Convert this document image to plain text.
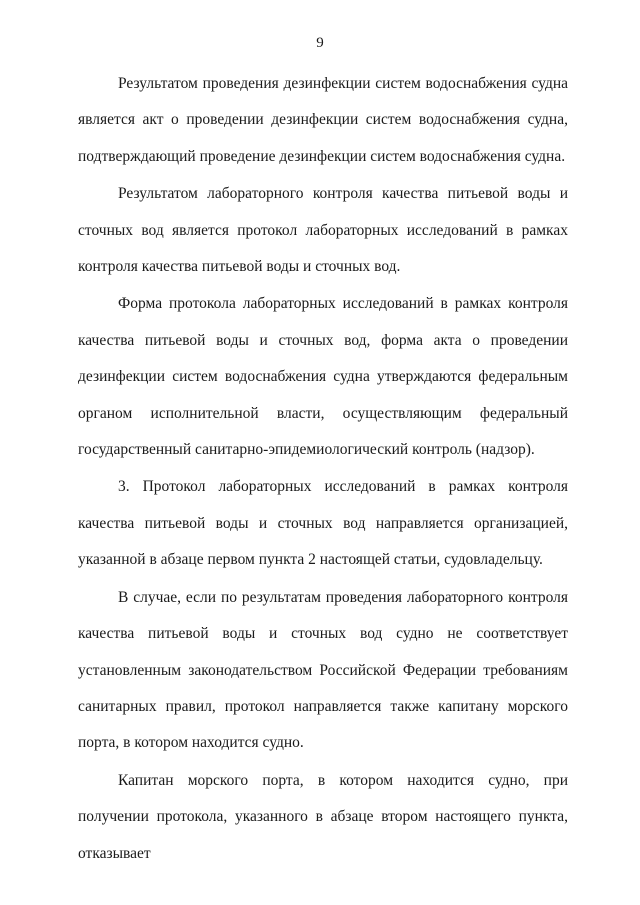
9

Результатом проведения дезинфекции систем водоснабжения судна является акт о проведении дезинфекции систем водоснабжения судна, подтверждающий проведение дезинфекции систем водоснабжения судна.

Результатом лабораторного контроля качества питьевой воды и сточных вод является протокол лабораторных исследований в рамках контроля качества питьевой воды и сточных вод.

Форма протокола лабораторных исследований в рамках контроля качества питьевой воды и сточных вод, форма акта о проведении дезинфекции систем водоснабжения судна утверждаются федеральным органом исполнительной власти, осуществляющим федеральный государственный санитарно-эпидемиологический контроль (надзор).

3. Протокол лабораторных исследований в рамках контроля качества питьевой воды и сточных вод направляется организацией, указанной в абзаце первом пункта 2 настоящей статьи, судовладельцу.

В случае, если по результатам проведения лабораторного контроля качества питьевой воды и сточных вод судно не соответствует установленным законодательством Российской Федерации требованиям санитарных правил, протокол направляется также капитану морского порта, в котором находится судно.

Капитан морского порта, в котором находится судно, при получении протокола, указанного в абзаце втором настоящего пункта, отказывает
